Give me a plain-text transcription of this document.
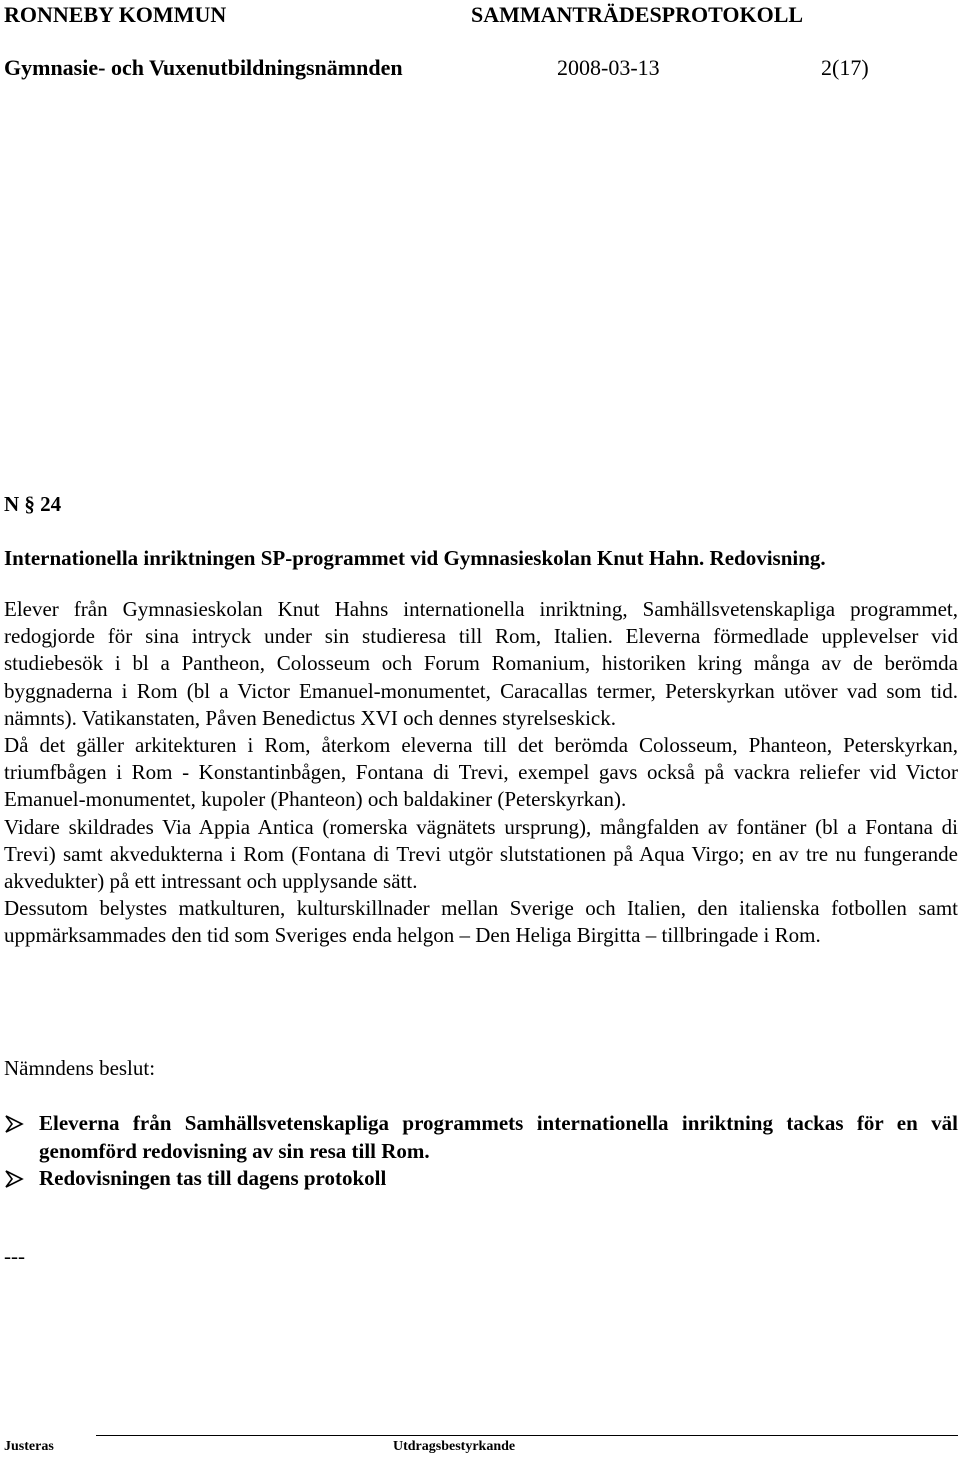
RONNEBY KOMMUN	SAMMANTRÄDESPROTOKOLL
Gymnasie- och Vuxenutbildningsnämnden	2008-03-13	2(17)
N § 24
Internationella inriktningen SP-programmet vid Gymnasieskolan Knut Hahn. Redovisning.

Elever från Gymnasieskolan Knut Hahns internationella inriktning, Samhällsvetenskapliga programmet, redogjorde för sina intryck under sin studieresa till Rom, Italien. Eleverna förmedlade upplevelser vid studiebesök i bl a Pantheon, Colosseum och Forum Romanium, historiken kring många av de berömda byggnaderna i Rom (bl a Victor Emanuel-monumentet, Caracallas termer, Peterskyrkan utöver vad som tid. nämnts). Vatikanstaten, Påven Benedictus XVI och dennes styrelseskick.

Då det gäller arkitekturen i Rom, återkom eleverna till det berömda Colosseum, Phanteon, Peterskyrkan, triumfbågen i Rom - Konstantinbågen, Fontana di Trevi, exempel gavs också på vackra reliefer vid Victor Emanuel-monumentet, kupoler (Phanteon) och baldakiner (Peterskyrkan).

Vidare skildrades Via Appia Antica (romerska vägnätets ursprung), mångfalden av fontäner (bl a Fontana di Trevi) samt akvedukterna i Rom (Fontana di Trevi utgör slutstationen på Aqua Virgo; en av tre nu fungerande akvedukter) på ett intressant och upplysande sätt.

Dessutom belystes matkulturen, kulturskillnader mellan Sverige och Italien, den italienska fotbollen samt uppmärksammades den tid som Sveriges enda helgon – Den Heliga Birgitta – tillbringade i Rom.

Nämndens beslut:
Eleverna från Samhällsvetenskapliga programmets internationella inriktning tackas för en väl genomförd redovisning av sin resa till Rom.
Redovisningen tas till dagens protokoll
---
Justeras	Utdragsbestyrkande
